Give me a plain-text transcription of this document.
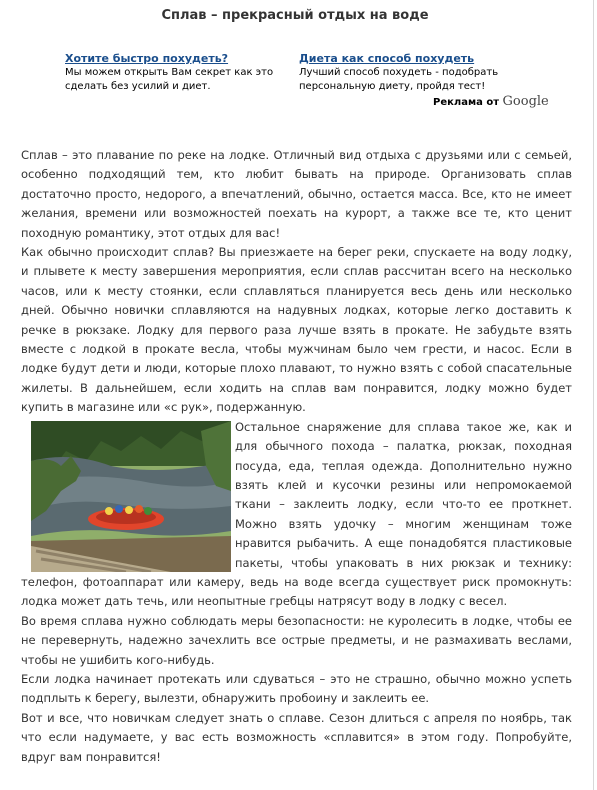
Сплав – прекрасный отдых на воде
Хотите быстро похудеть?
Мы можем открыть Вам секрет как это сделать без усилий и диет.
Диета как способ похудеть
Лучший способ похудеть - подобрать персональную диету, пройдя тест!
Реклама от Google

Сплав – это плавание по реке на лодке. Отличный вид отдыха с друзьями или с семьей, особенно подходящий тем, кто любит бывать на природе. Организовать сплав достаточно просто, недорого, а впечатлений, обычно, остается масса. Все, кто не имеет желания, времени или возможностей поехать на курорт, а также все те, кто ценит походную романтику, этот отдых для вас!

Как обычно происходит сплав? Вы приезжаете на берег реки, спускаете на воду лодку, и плывете к месту завершения мероприятия, если сплав рассчитан всего на несколько часов, или к месту стоянки, если сплавляться планируется весь день или несколько дней. Обычно новички сплавляются на надувных лодках, которые легко доставить к речке в рюкзаке. Лодку для первого раза лучше взять в прокате. Не забудьте взять вместе с лодкой в прокате весла, чтобы мужчинам было чем грести, и насос. Если в лодке будут дети и люди, которые плохо плавают, то нужно взять с собой спасательные жилеты. В дальнейшем, если ходить на сплав вам понравится, лодку можно будет купить в магазине или «с рук», подержанную.

Остальное снаряжение для сплава такое же, как и для обычного похода – палатка, рюкзак, походная посуда, еда, теплая одежда. Дополнительно нужно взять клей и кусочки резины или непромокаемой ткани – заклеить лодку, если что-то ее проткнет. Можно взять удочку – многим женщинам тоже нравится рыбачить. А еще понадобятся пластиковые пакеты, чтобы упаковать в них рюкзак и технику: телефон, фотоаппарат или камеру, ведь на воде всегда существует риск промокнуть: лодка может дать течь, или неопытные гребцы натрясут воду в лодку с весел.

Во время сплава нужно соблюдать меры безопасности: не куролесить в лодке, чтобы ее не перевернуть, надежно зачехлить все острые предметы, и не размахивать веслами, чтобы не ушибить кого-нибудь.

Если лодка начинает протекать или сдуваться – это не страшно, обычно можно успеть подплыть к берегу, вылезти, обнаружить пробоину и заклеить ее.

Вот и все, что новичкам следует знать о сплаве. Сезон длиться с апреля по ноябрь, так что если надумаете, у вас есть возможность «сплавится» в этом году. Попробуйте, вдруг вам понравится!
